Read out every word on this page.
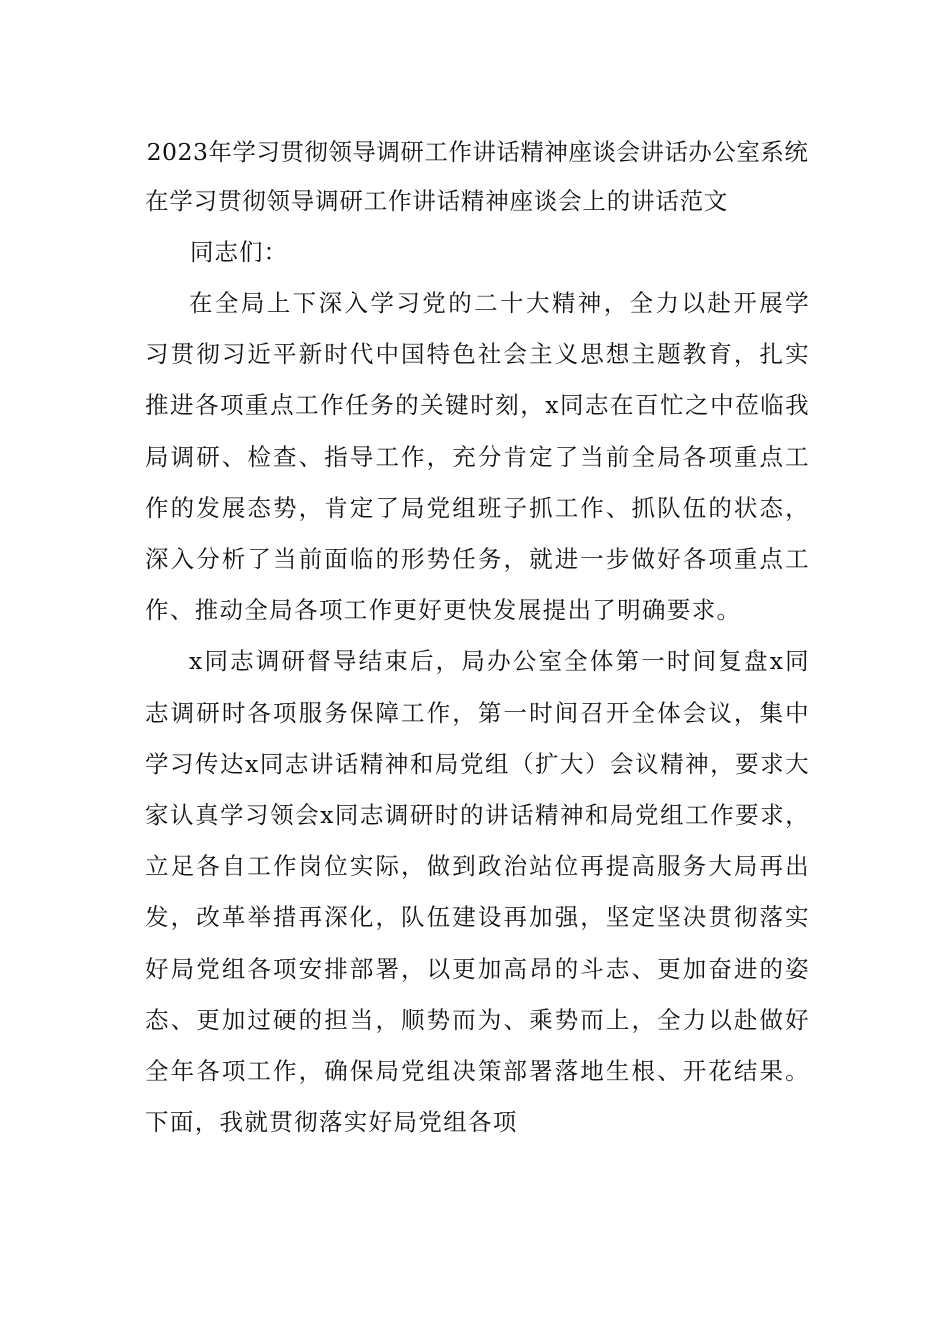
2023年学习贯彻领导调研工作讲话精神座谈会讲话办公室系统

在学习贯彻领导调研工作讲话精神座谈会上的讲话范文

同志们：

在全局上下深入学习党的二十大精神，全力以赴开展学习贯彻习近平新时代中国特色社会主义思想主题教育，扎实推进各项重点工作任务的关键时刻，x同志在百忙之中莅临我局调研、检查、指导工作，充分肯定了当前全局各项重点工作的发展态势，肯定了局党组班子抓工作、抓队伍的状态，深入分析了当前面临的形势任务，就进一步做好各项重点工作、推动全局各项工作更好更快发展提出了明确要求。

x同志调研督导结束后，局办公室全体第一时间复盘x同志调研时各项服务保障工作，第一时间召开全体会议，集中学习传达x同志讲话精神和局党组（扩大）会议精神，要求大家认真学习领会x同志调研时的讲话精神和局党组工作要求，立足各自工作岗位实际，做到政治站位再提高服务大局再出发，改革举措再深化，队伍建设再加强，坚定坚决贯彻落实好局党组各项安排部署，以更加高昂的斗志、更加奋进的姿态、更加过硬的担当，顺势而为、乘势而上，全力以赴做好全年各项工作，确保局党组决策部署落地生根、开花结果。下面，我就贯彻落实好局党组各项
